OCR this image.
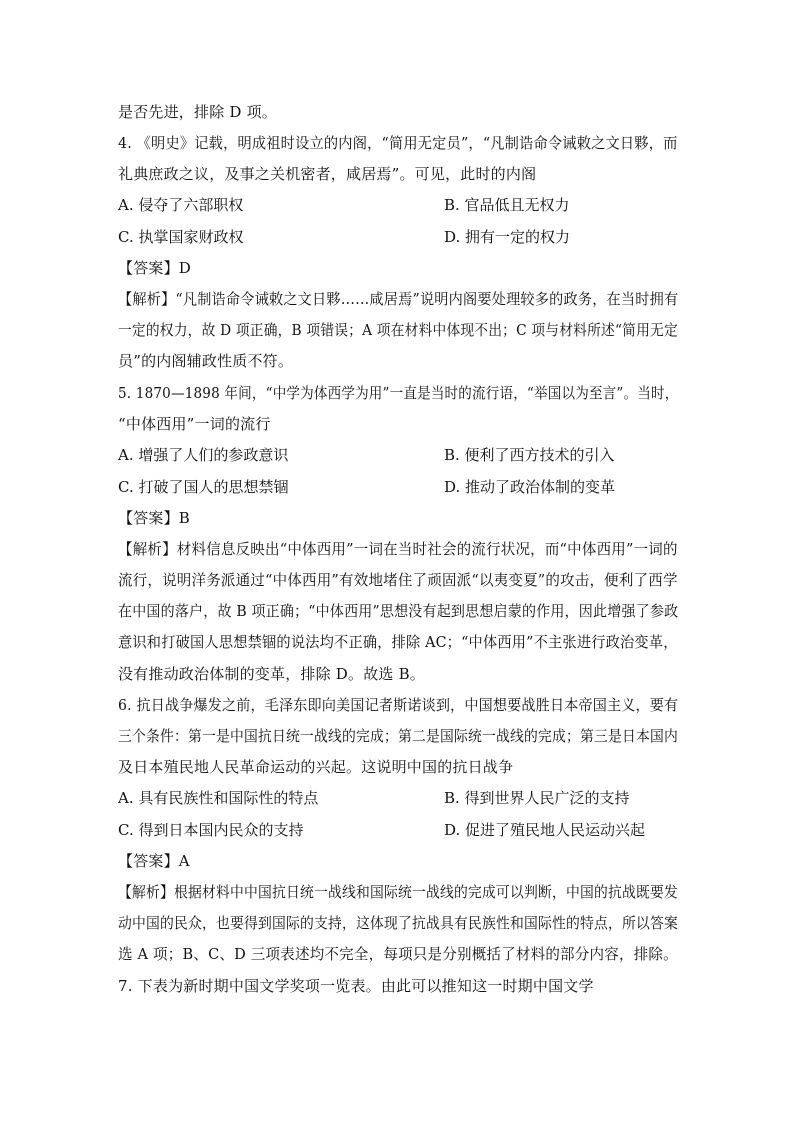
是否先进，排除 D 项。
4. 《明史》记载，明成祖时设立的内阁，“简用无定员”，“凡制诰命令诫敕之文日夥，而
礼典庶政之议，及事之关机密者，咸居焉”。可见，此时的内阁
A. 侵夺了六部职权	B. 官品低且无权力
C. 执掌国家财政权	D. 拥有一定的权力
【答案】D
【解析】“凡制诰命令诫敕之文日夥……咸居焉”说明内阁要处理较多的政务，在当时拥有
一定的权力，故 D 项正确，B 项错误；A 项在材料中体现不出；C 项与材料所述“简用无定
员”的内阁辅政性质不符。
5. 1870—1898 年间，“中学为体西学为用”一直是当时的流行语，“举国以为至言”。当时，
“中体西用”一词的流行
A. 增强了人们的参政意识	B. 便利了西方技术的引入
C. 打破了国人的思想禁锢	D. 推动了政治体制的变革
【答案】B
【解析】材料信息反映出“中体西用”一词在当时社会的流行状况，而“中体西用”一词的
流行，说明洋务派通过“中体西用”有效地堵住了顽固派“以夷变夏”的攻击，便利了西学
在中国的落户，故 B 项正确；“中体西用”思想没有起到思想启蒙的作用，因此增强了参政
意识和打破国人思想禁锢的说法均不正确，排除 AC；“中体西用”不主张进行政治变革，
没有推动政治体制的变革，排除 D。故选 B。
6. 抗日战争爆发之前，毛泽东即向美国记者斯诺谈到，中国想要战胜日本帝国主义，要有
三个条件：第一是中国抗日统一战线的完成；第二是国际统一战线的完成；第三是日本国内
及日本殖民地人民革命运动的兴起。这说明中国的抗日战争
A. 具有民族性和国际性的特点	B. 得到世界人民广泛的支持
C. 得到日本国内民众的支持	D. 促进了殖民地人民运动兴起
【答案】A
【解析】根据材料中中国抗日统一战线和国际统一战线的完成可以判断，中国的抗战既要发
动中国的民众，也要得到国际的支持，这体现了抗战具有民族性和国际性的特点，所以答案
选 A 项；B、C、D 三项表述均不完全，每项只是分别概括了材料的部分内容，排除。
7. 下表为新时期中国文学奖项一览表。由此可以推知这一时期中国文学
